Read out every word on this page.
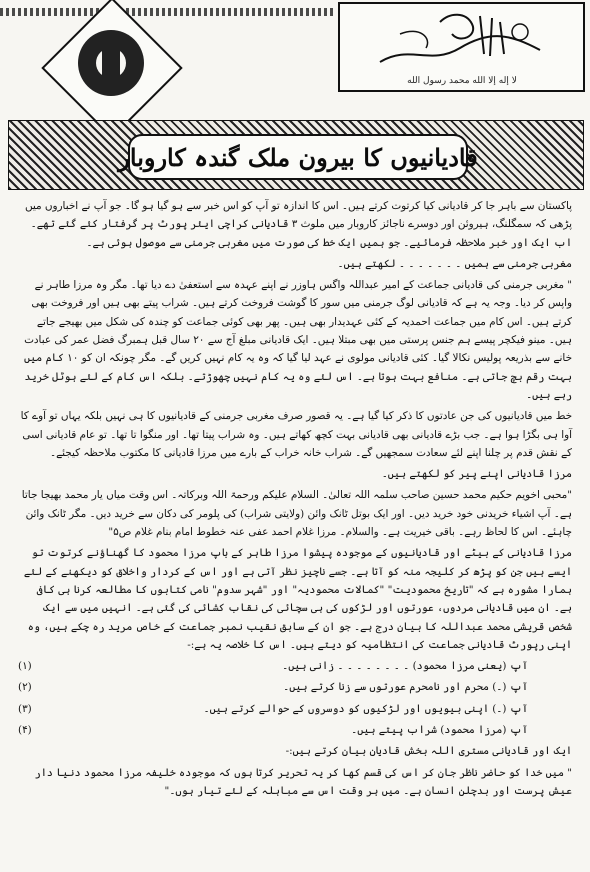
لا إله إلا الله محمد رسول الله
قادیانیوں کا بیرون ملک گندہ کاروبار

پاکستان سے باہر جا کر قادیانی کیا کرتوت کرتے ہیں۔ اس کا اندازہ تو آپ کو اس خبر سے ہو گیا ہو گا۔ جو آپ نے اخباروں میں پڑھی کہ سمگلنگ، ہیروئن اور دوسرے ناجائز کاروبار میں ملوث ۳ قادیانی کراچی ایئر پورٹ پر گرفتار کئے گئے تھے۔ اب ایک اور خبر ملاحظہ فرمائیے۔ جو ہمیں ایک خط کی صورت میں مغربی جرمنی سے موصول ہوئی ہے۔

مغربی جرمنی سے ہمیں ۔ ۔ ۔ ۔ ۔ ۔ ۔ لکھتے ہیں۔

" مغربی جرمنی کی قادیانی جماعت کے امیر عبداللہ واگس ہاوزر نے اپنے عہدہ سے استعفیٰ دے دیا تھا۔ مگر وہ مرزا طاہر نے واپس کر دیا۔ وجہ یہ ہے کہ قادیانی لوگ جرمنی میں سور کا گوشت فروخت کرتے ہیں۔ شراب پیتے بھی ہیں اور فروخت بھی کرتے ہیں۔ اس کام میں جماعت احمدیہ کے کئی عہدیدار بھی ہیں۔ پھر بھی کوئی جماعت کو چندہ کی شکل میں بھیجے جاتے ہیں۔ مینو فیکچر پیسے ہم جنس پرستی میں بھی مبتلا ہیں۔ ایک قادیانی مبلغ آج سے ۲۰ سال قبل ہمبرگ فضل عمر کی عبادت خانے سے بذریعہ پولیس نکالا گیا۔ کئی قادیانی مولوی نے عہد لیا گیا کہ وہ یہ کام نہیں کریں گے۔ مگر چونکہ ان کو ۱۰ کام میں بہت رقم بچ جاتی ہے۔ منافع بہت ہوتا ہے۔ اس لئے وہ یہ کام نہیں چھوڑتے۔ بلکہ اس کام کے لئے ہوٹل خرید رہے ہیں۔

خط میں قادیانیوں کی جن عادتوں کا ذکر کیا گیا ہے۔ یہ قصور صرف مغربی جرمنی کے قادیانیوں کا ہی نہیں بلکہ یہاں تو آوے کا آوا ہی بگڑا ہوا ہے۔ جب بڑے قادیانی بھی قادیانی بہت کچھ کھاتے ہیں۔ وہ شراب پیتا تھا۔ اور منگوا تا تھا۔ تو عام قادیانی اسی کے نقش قدم پر چلنا اپنے لئے سعادت سمجھیں گے۔ شراب خانہ خراب کے بارے میں مرزا قادیانی کا مکتوب ملاحظہ کیجئے۔

مرزا قادیانی اپنے پیر کو لکھتے ہیں۔

"محبی اخویم حکیم محمد حسین صاحب سلمہ اللہ تعالیٰ۔ السلام علیکم ورحمۃ اللہ وبرکاتہ۔ اس وقت میاں یار محمد بھیجا جاتا ہے۔ آپ اشیاء خریدنی خود خرید دیں۔ اور ایک بوتل ٹانک وائن (ولایتی شراب) کی پلومر کی دکان سے خرید دیں۔ مگر ٹانک وائن چاہئے۔ اس کا لحاظ رہے۔ باقی خیریت ہے۔ والسلام۔ مرزا غلام احمد عفی عنہ خطوط امام بنام غلام ص۵"

مرزا قادیانی کے بیٹے اور قادیانیوں کے موجودہ پیشوا مرزا طاہر کے باپ مرزا محمود کا گھناؤنے کرتوت تو ایسے ہیں جن کو پڑھ کر کلیجہ منہ کو آتا ہے۔ جسے ناچیز نظر آتی ہے اور اس کے کردار واخلاق کو دیکھنے کے لئے ہمارا مشورہ ہے کہ "تاریخ محمودیت" "کمالات محمودیہ" اور "شہر سدوم" نامی کتابوں کا مطالعہ کرنا ہی کافی ہے۔ ان میں قادیانی مردوں، عورتوں اور لڑکوں کی ہی سچائی کی نقاب کشائی کی گئی ہے۔ انہیں میں سے ایک شخص قریشی محمد عبداللہ کا بیان درج ہے۔ جو ان کے سابق نقیب نمبر جماعت کے خاص مرید رہ چکے ہیں، وہ اپنی رپورٹ قادیانی جماعت کی انتظامیہ کو دیتے ہیں۔ اس کا خلاصہ یہ ہے:-

آپ (یعنی مرزا محمود) ۔ ۔ ۔ ۔ ۔ ۔ ۔ ۔ زانی ہیں۔
(۱)
آپ (۔) محرم اور نامحرم عورتوں سے زنا کرتے ہیں۔
(۲)
آپ (۔) اپنی بیویوں اور لڑکیوں کو دوسروں کے حوالے کرتے ہیں۔
(۳)
آپ (مرزا محمود) شراب پیتے ہیں۔
(۴)

ایک اور قادیانی مستری اللہ بخش قادیان بیان کرتے ہیں:-

" میں خدا کو حاضر ناظر جان کر اس کی قسم کھا کر یہ تحریر کرتا ہوں کہ موجودہ خلیفہ مرزا محمود دنیا دار عیش پرست اور بدچلن انسان ہے۔ میں ہر وقت اس سے مباہلہ کے لئے تیار ہوں۔"
